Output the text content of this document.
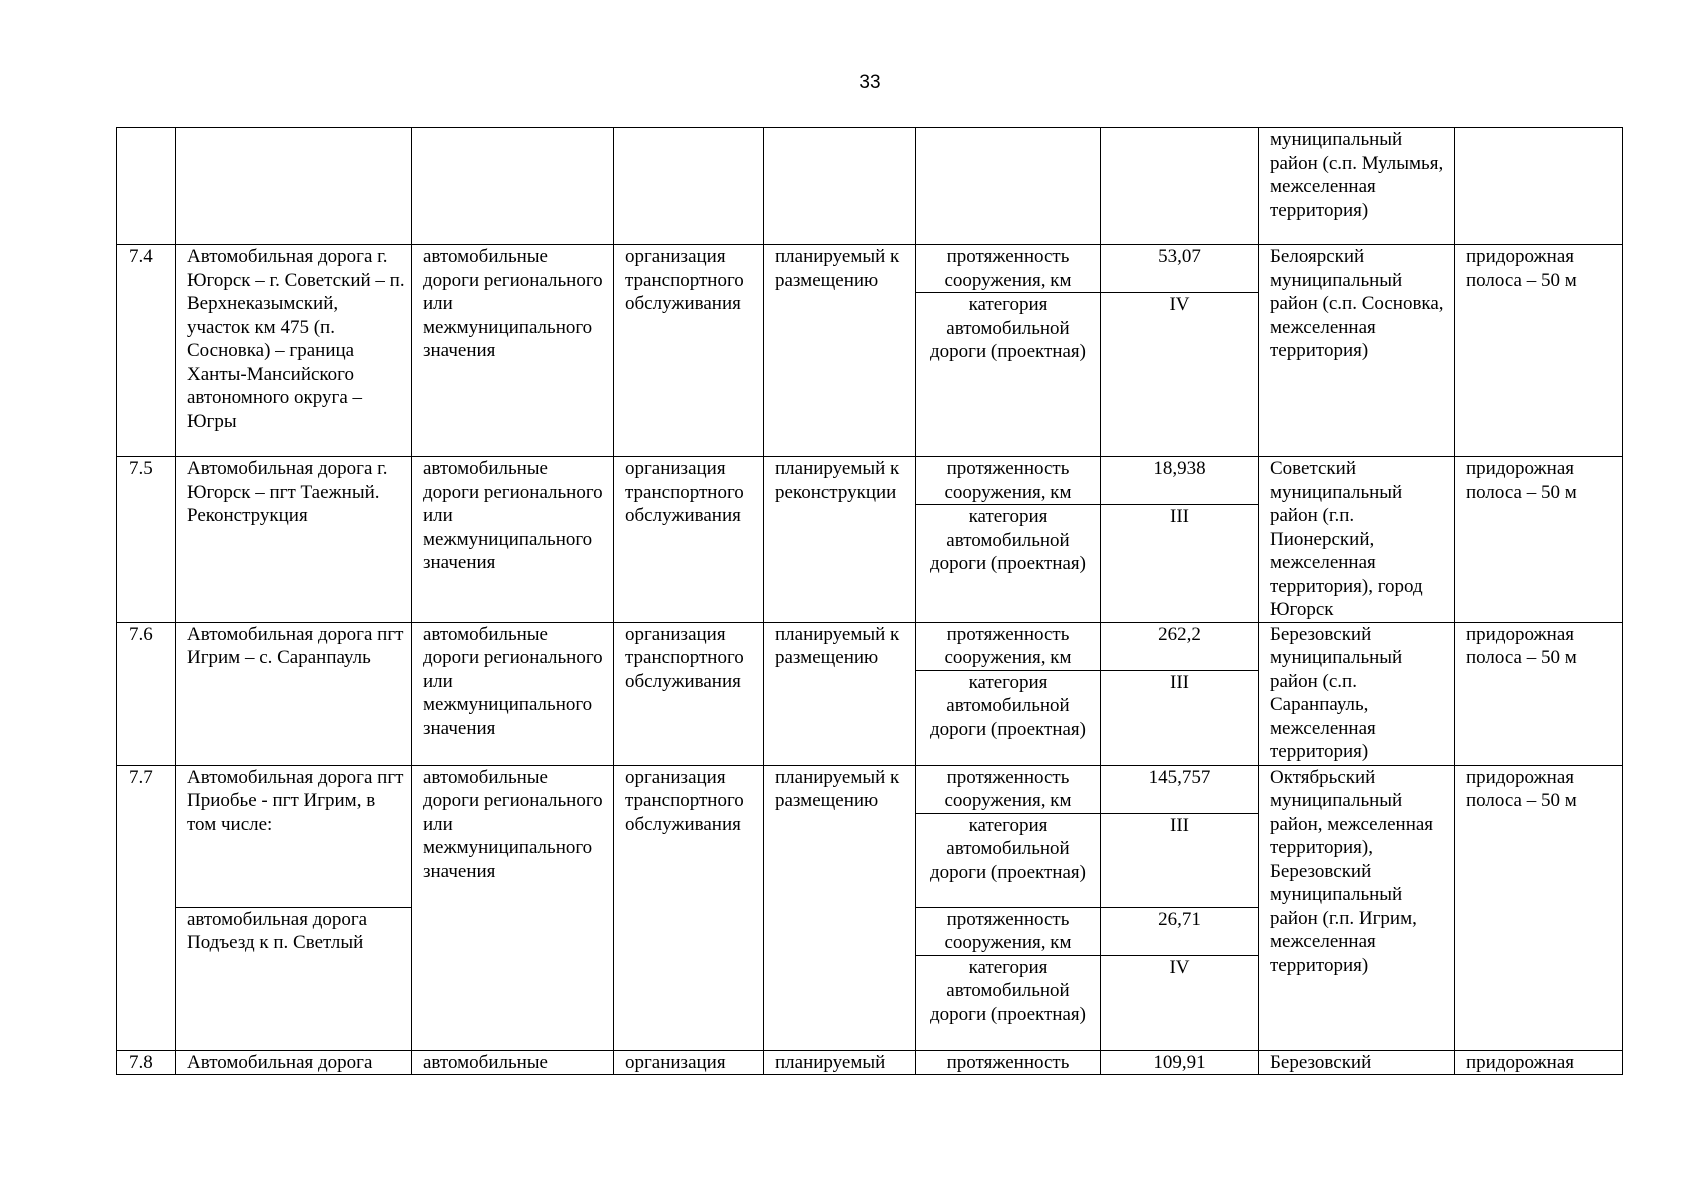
33
							муниципальный район (с.п. Мулымья, межселенная территория)	
7.4	Автомобильная дорога г. Югорск – г. Советский – п. Верхнеказымский, участок км 475 (п. Сосновка) – граница Ханты-Мансийского автономного округа – Югры	автомобильные дороги регионального или межмуниципального значения	организация транспортного обслуживания	планируемый к размещению	протяженность сооружения, км	53,07	Белоярский муниципальный район (с.п. Сосновка, межселенная территория)	придорожная полоса – 50 м
					категория автомобильной дороги (проектная)	IV		
7.5	Автомобильная дорога г. Югорск – пгт Таежный. Реконструкция	автомобильные дороги регионального или межмуниципального значения	организация транспортного обслуживания	планируемый к реконструкции	протяженность сооружения, км	18,938	Советский муниципальный район (г.п. Пионерский, межселенная территория), город Югорск	придорожная полоса – 50 м
					категория автомобильной дороги (проектная)	III		
7.6	Автомобильная дорога пгт Игрим – с. Саранпауль	автомобильные дороги регионального или межмуниципального значения	организация транспортного обслуживания	планируемый к размещению	протяженность сооружения, км	262,2	Березовский муниципальный район (с.п. Саранпауль, межселенная территория)	придорожная полоса – 50 м
					категория автомобильной дороги (проектная)	III		
7.7	Автомобильная дорога пгт Приобье - пгт Игрим, в том числе:	автомобильные дороги регионального или межмуниципального значения	организация транспортного обслуживания	планируемый к размещению	протяженность сооружения, км	145,757	Октябрьский муниципальный район, межселенная территория), Березовский муниципальный район (г.п. Игрим, межселенная территория)	придорожная полоса – 50 м
					категория автомобильной дороги (проектная)	III		
	автомобильная дорога Подъезд к п. Светлый				протяженность сооружения, км	26,71		
					категория автомобильной дороги (проектная)	IV		
7.8	Автомобильная дорога	автомобильные	организация	планируемый	протяженность	109,91	Березовский	придорожная
